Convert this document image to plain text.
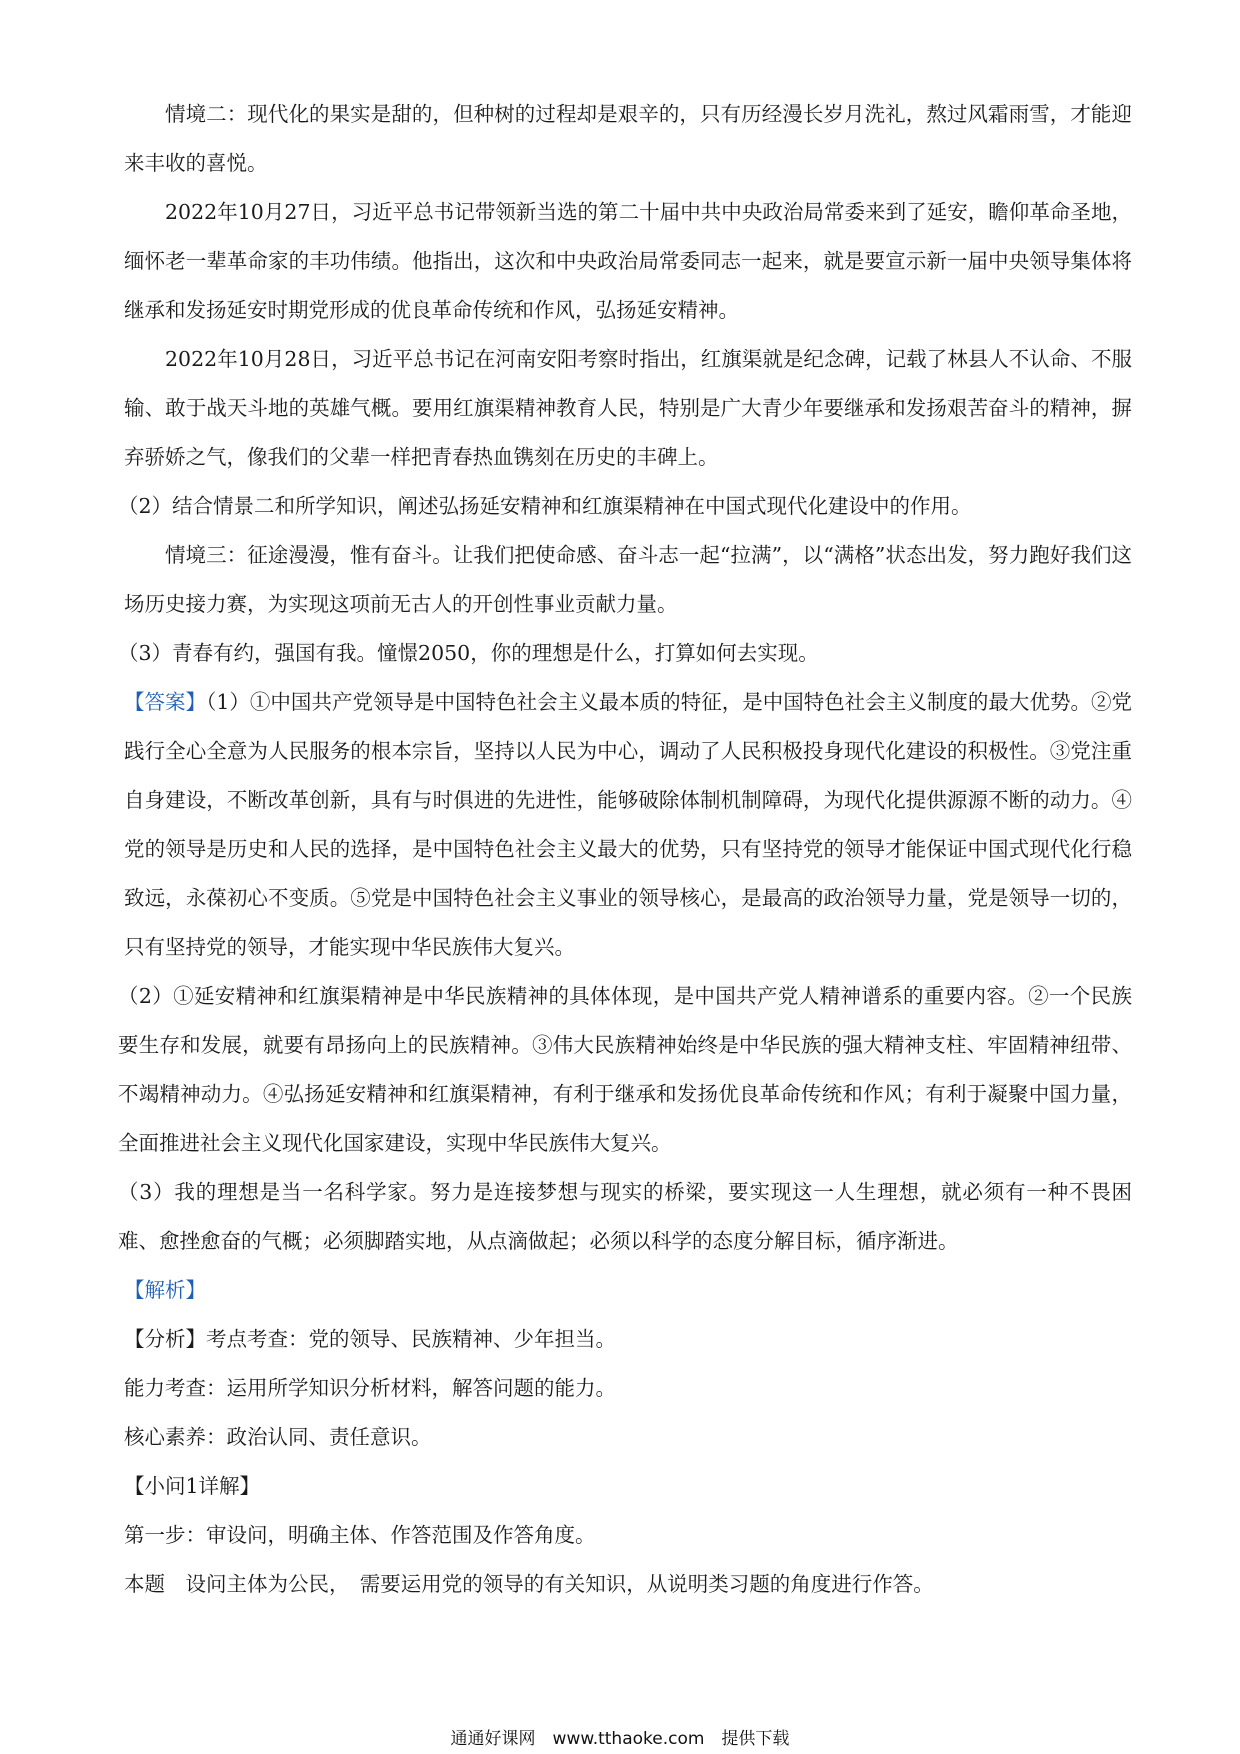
情境二：现代化的果实是甜的，但种树的过程却是艰辛的，只有历经漫长岁月洗礼，熬过风霜雨雪，才能迎来丰收的喜悦。

2022年10月27日，习近平总书记带领新当选的第二十届中共中央政治局常委来到了延安，瞻仰革命圣地，缅怀老一辈革命家的丰功伟绩。他指出，这次和中央政治局常委同志一起来，就是要宣示新一届中央领导集体将继承和发扬延安时期党形成的优良革命传统和作风，弘扬延安精神。

2022年10月28日，习近平总书记在河南安阳考察时指出，红旗渠就是纪念碑，记载了林县人不认命、不服输、敢于战天斗地的英雄气概。要用红旗渠精神教育人民，特别是广大青少年要继承和发扬艰苦奋斗的精神，摒弃骄娇之气，像我们的父辈一样把青春热血镌刻在历史的丰碑上。

（2）结合情景二和所学知识，阐述弘扬延安精神和红旗渠精神在中国式现代化建设中的作用。

情境三：征途漫漫，惟有奋斗。让我们把使命感、奋斗志一起“拉满”，以“满格”状态出发，努力跑好我们这场历史接力赛，为实现这项前无古人的开创性事业贡献力量。

（3）青春有约，强国有我。憧憬2050，你的理想是什么，打算如何去实现。

【答案】（1）①中国共产党领导是中国特色社会主义最本质的特征，是中国特色社会主义制度的最大优势。②党践行全心全意为人民服务的根本宗旨，坚持以人民为中心，调动了人民积极投身现代化建设的积极性。③党注重自身建设，不断改革创新，具有与时俱进的先进性，能够破除体制机制障碍，为现代化提供源源不断的动力。④党的领导是历史和人民的选择，是中国特色社会主义最大的优势，只有坚持党的领导才能保证中国式现代化行稳致远，永葆初心不变质。⑤党是中国特色社会主义事业的领导核心，是最高的政治领导力量，党是领导一切的，只有坚持党的领导，才能实现中华民族伟大复兴。

（2）①延安精神和红旗渠精神是中华民族精神的具体体现，是中国共产党人精神谱系的重要内容。②一个民族要生存和发展，就要有昂扬向上的民族精神。③伟大民族精神始终是中华民族的强大精神支柱、牢固精神纽带、不竭精神动力。④弘扬延安精神和红旗渠精神，有利于继承和发扬优良革命传统和作风；有利于凝聚中国力量，全面推进社会主义现代化国家建设，实现中华民族伟大复兴。

（3）我的理想是当一名科学家。努力是连接梦想与现实的桥梁，要实现这一人生理想，就必须有一种不畏困难、愈挫愈奋的气概；必须脚踏实地，从点滴做起；必须以科学的态度分解目标，循序渐进。

【解析】

【分析】考点考查：党的领导、民族精神、少年担当。

能力考查：运用所学知识分析材料，解答问题的能力。

核心素养：政治认同、责任意识。

【小问1详解】

第一步：审设问，明确主体、作答范围及作答角度。

本题　设问主体为公民，　需要运用党的领导的有关知识，从说明类习题的角度进行作答。

通通好课网　www.tthaoke.com　提供下载
